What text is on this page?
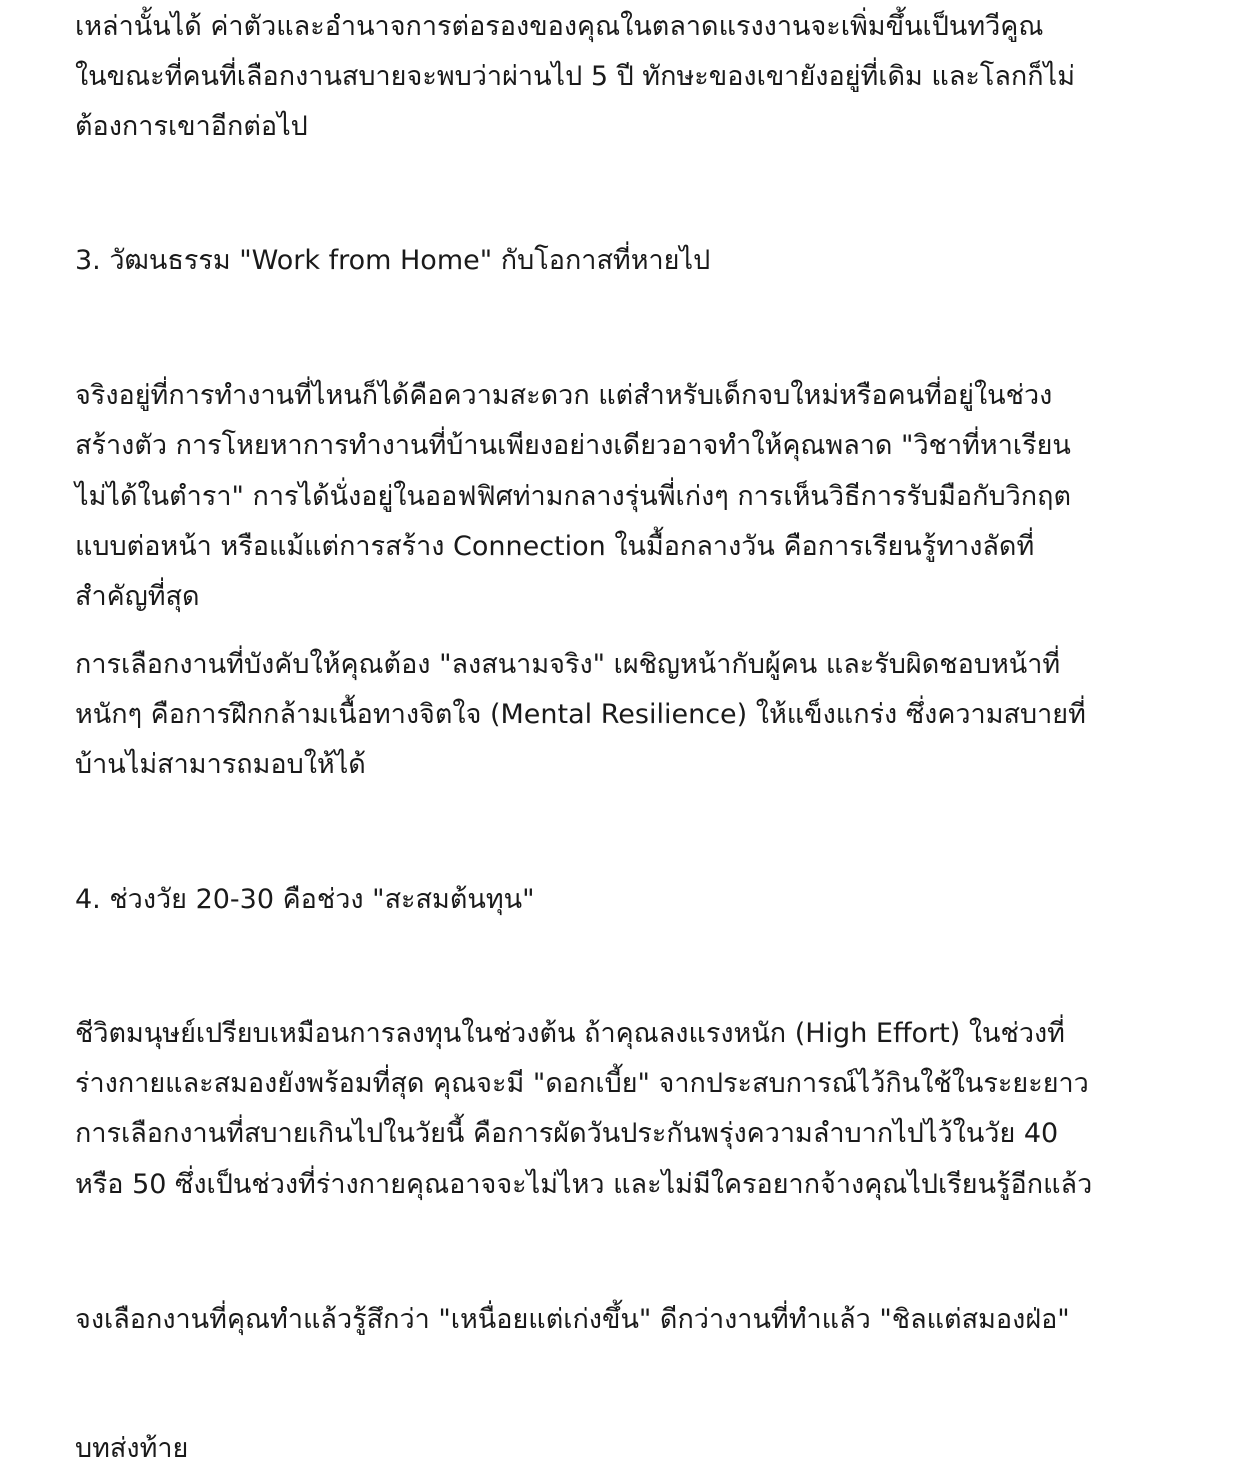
เหล่านั้นได้ ค่าตัวและอำนาจการต่อรองของคุณในตลาดแรงงานจะเพิ่มขึ้นเป็นทวีคูณ
ในขณะที่คนที่เลือกงานสบายจะพบว่าผ่านไป 5 ปี ทักษะของเขายังอยู่ที่เดิม และโลกก็ไม่
ต้องการเขาอีกต่อไป
3. วัฒนธรรม "Work from Home" กับโอกาสที่หายไป
จริงอยู่ที่การทำงานที่ไหนก็ได้คือความสะดวก แต่สำหรับเด็กจบใหม่หรือคนที่อยู่ในช่วง
สร้างตัว การโหยหาการทำงานที่บ้านเพียงอย่างเดียวอาจทำให้คุณพลาด "วิชาที่หาเรียน
ไม่ได้ในตำรา" การได้นั่งอยู่ในออฟฟิศท่ามกลางรุ่นพี่เก่งๆ การเห็นวิธีการรับมือกับวิกฤต
แบบต่อหน้า หรือแม้แต่การสร้าง Connection ในมื้อกลางวัน คือการเรียนรู้ทางลัดที่
สำคัญที่สุด
การเลือกงานที่บังคับให้คุณต้อง "ลงสนามจริง" เผชิญหน้ากับผู้คน และรับผิดชอบหน้าที่
หนักๆ คือการฝึกกล้ามเนื้อทางจิตใจ (Mental Resilience) ให้แข็งแกร่ง ซึ่งความสบายที่
บ้านไม่สามารถมอบให้ได้
4. ช่วงวัย 20-30 คือช่วง "สะสมต้นทุน"
ชีวิตมนุษย์เปรียบเหมือนการลงทุนในช่วงต้น ถ้าคุณลงแรงหนัก (High Effort) ในช่วงที่
ร่างกายและสมองยังพร้อมที่สุด คุณจะมี "ดอกเบี้ย" จากประสบการณ์ไว้กินใช้ในระยะยาว
การเลือกงานที่สบายเกินไปในวัยนี้ คือการผัดวันประกันพรุ่งความลำบากไปไว้ในวัย 40
หรือ 50 ซึ่งเป็นช่วงที่ร่างกายคุณอาจจะไม่ไหว และไม่มีใครอยากจ้างคุณไปเรียนรู้อีกแล้ว
จงเลือกงานที่คุณทำแล้วรู้สึกว่า "เหนื่อยแต่เก่งขึ้น" ดีกว่างานที่ทำแล้ว "ชิลแต่สมองฝ่อ"
บทส่งท้าย
